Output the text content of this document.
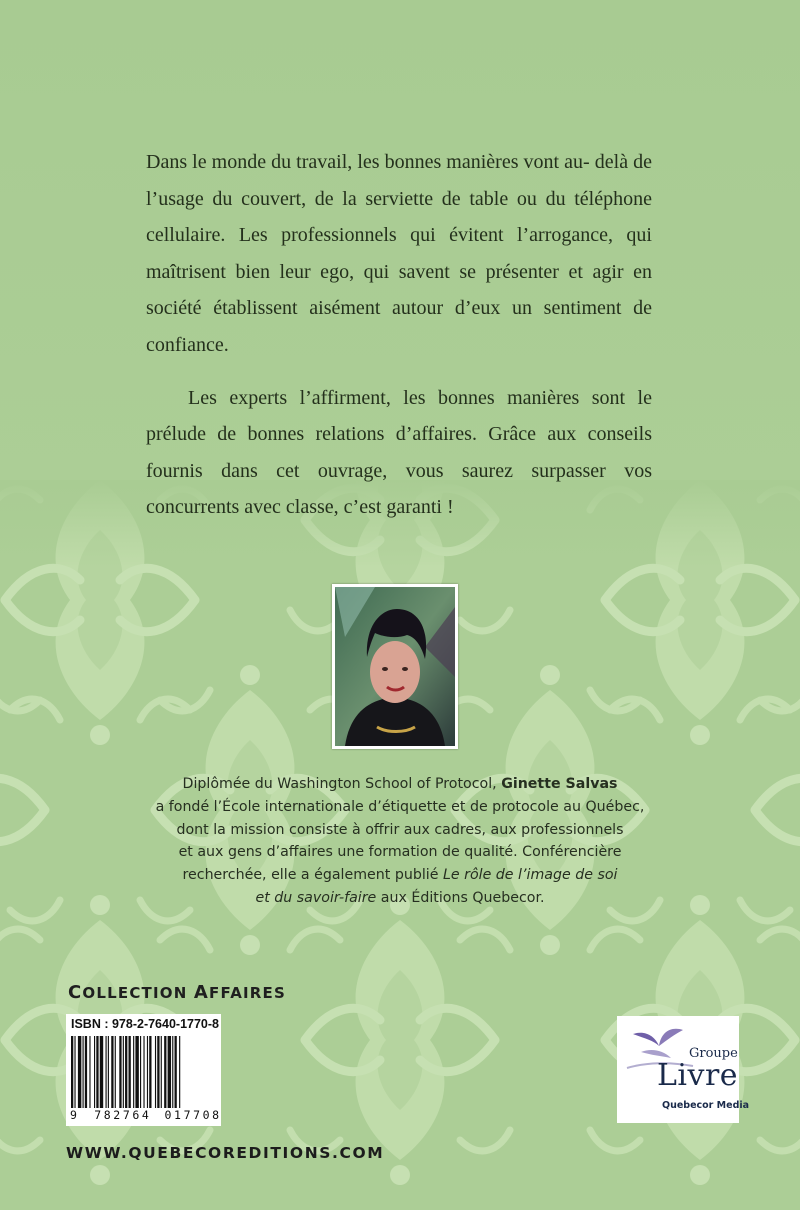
Dans le monde du travail, les bonnes manières vont au- delà de l’usage du couvert, de la serviette de table ou du téléphone cellulaire. Les professionnels qui évitent l’arrogance, qui maîtrisent bien leur ego, qui savent se présenter et agir en société établissent aisément autour d’eux un sentiment de confiance.

Les experts l’affirment, les bonnes manières sont le prélude de bonnes relations d’affaires. Grâce aux conseils fournis dans cet ouvrage, vous saurez surpasser vos concurrents avec classe, c’est garanti !

Diplômée du Washington School of Protocol, Ginette Salvas
a fondé l’École internationale d’étiquette et de protocole au Québec,
dont la mission consiste à offrir aux cadres, aux professionnels
et aux gens d’affaires une formation de qualité. Conférencière
recherchée, elle a également publié Le rôle de l’image de soi
et du savoir-faire aux Éditions Quebecor.
COLLECTION AFFAIRES
ISBN : 978-2-7640-1770-8
9 782764 017708
Groupe
Livre
Quebecor Media
WWW.QUEBECOREDITIONS.COM
